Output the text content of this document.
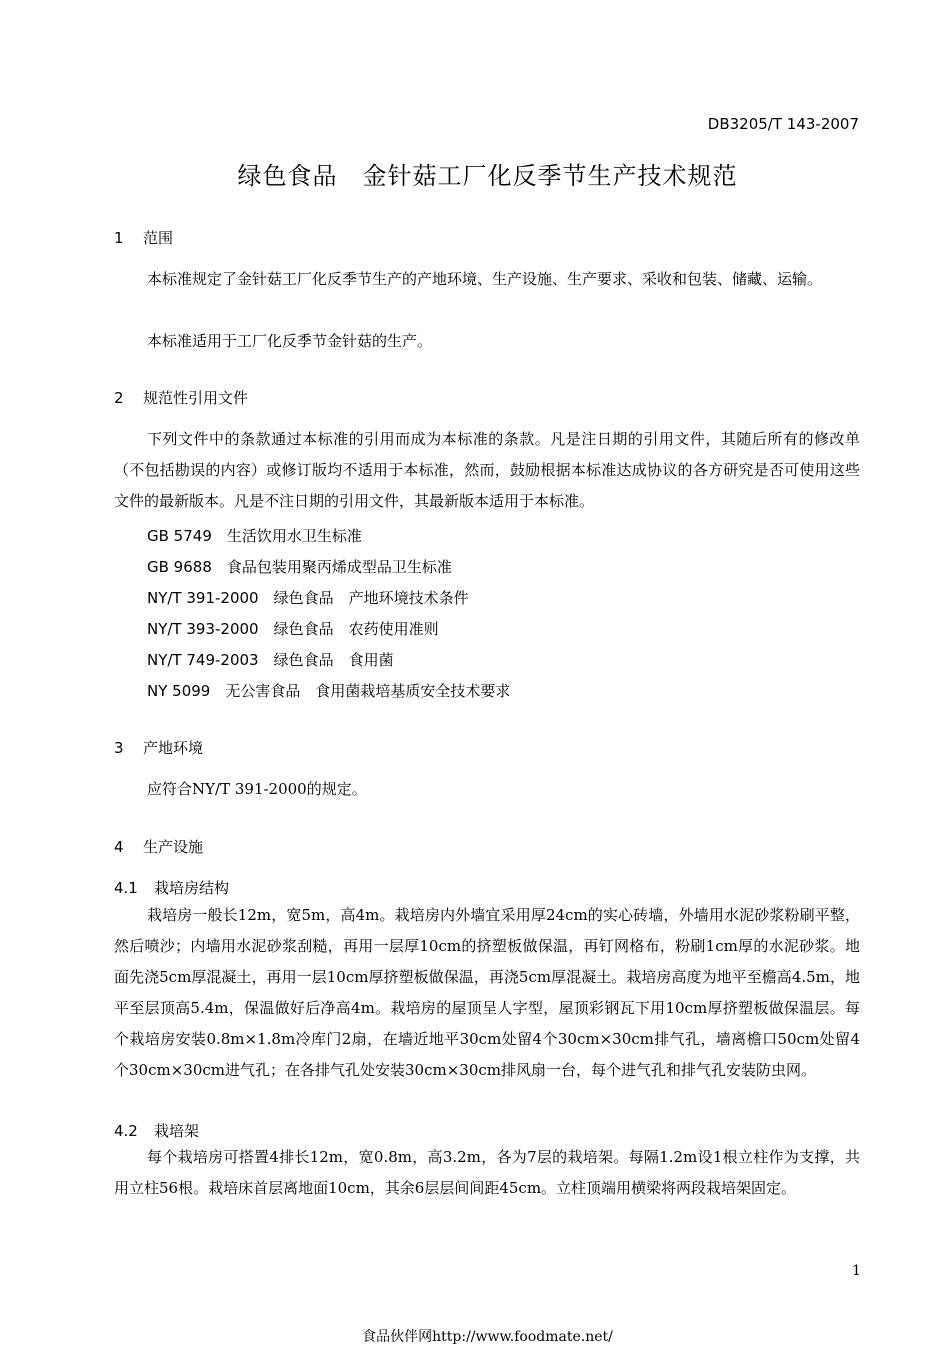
DB3205/T 143-2007
绿色食品　金针菇工厂化反季节生产技术规范
1 范围

本标准规定了金针菇工厂化反季节生产的产地环境、生产设施、生产要求、采收和包装、储藏、运输。

本标准适用于工厂化反季节金针菇的生产。

2 规范性引用文件

下列文件中的条款通过本标准的引用而成为本标准的条款。凡是注日期的引用文件，其随后所有的修改单（不包括勘误的内容）或修订版均不适用于本标准，然而，鼓励根据本标准达成协议的各方研究是否可使用这些文件的最新版本。凡是不注日期的引用文件，其最新版本适用于本标准。

GB 5749　 生活饮用水卫生标准
GB 9688　 食品包装用聚丙烯成型品卫生标准
NY/T 391-2000　 绿色食品　产地环境技术条件
NY/T 393-2000　 绿色食品　农药使用准则
NY/T 749-2003　 绿色食品　食用菌
NY 5099　 无公害食品　食用菌栽培基质安全技术要求
3 产地环境

应符合NY/T 391-2000的规定。

4 生产设施
4.1 栽培房结构

栽培房一般长12m，宽5m，高4m。栽培房内外墙宜采用厚24cm的实心砖墙，外墙用水泥砂浆粉刷平整，然后喷沙；内墙用水泥砂浆刮糙，再用一层厚10cm的挤塑板做保温，再钉网格布，粉刷1cm厚的水泥砂浆。地面先浇5cm厚混凝土，再用一层10cm厚挤塑板做保温，再浇5cm厚混凝土。栽培房高度为地平至檐高4.5m，地平至层顶高5.4m，保温做好后净高4m。栽培房的屋顶呈人字型，屋顶彩钢瓦下用10cm厚挤塑板做保温层。每个栽培房安装0.8m×1.8m冷库门2扇，在墙近地平30cm处留4个30cm×30cm排气孔，墙离檐口50cm处留4个30cm×30cm进气孔；在各排气孔处安装30cm×30cm排风扇一台，每个进气孔和排气孔安装防虫网。

4.2 栽培架

每个栽培房可搭置4排长12m，宽0.8m，高3.2m，各为7层的栽培架。每隔1.2m设1根立柱作为支撑，共用立柱56根。栽培床首层离地面10cm，其余6层层间间距45cm。立柱顶端用横梁将两段栽培架固定。

1
食品伙伴网http://www.foodmate.net/
